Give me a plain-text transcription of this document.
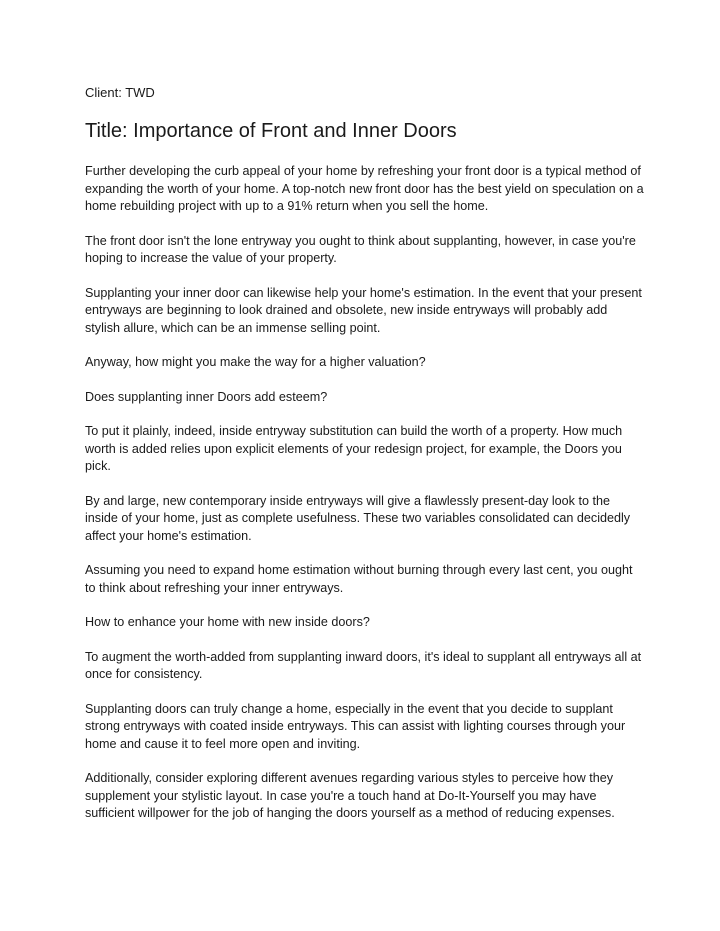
Client: TWD

Title: Importance of Front and Inner Doors

Further developing the curb appeal of your home by refreshing your front door is a typical method of expanding the worth of your home. A top-notch new front door has the best yield on speculation on a home rebuilding project with up to a 91% return when you sell the home.

The front door isn't the lone entryway you ought to think about supplanting, however, in case you're hoping to increase the value of your property.

Supplanting your inner door can likewise help your home's estimation. In the event that your present entryways are beginning to look drained and obsolete, new inside entryways will probably add stylish allure, which can be an immense selling point.

Anyway, how might you make the way for a higher valuation?

Does supplanting inner Doors add esteem?

To put it plainly, indeed, inside entryway substitution can build the worth of a property. How much worth is added relies upon explicit elements of your redesign project, for example, the Doors you pick.

By and large, new contemporary inside entryways will give a flawlessly present-day look to the inside of your home, just as complete usefulness. These two variables consolidated can decidedly affect your home's estimation.

Assuming you need to expand home estimation without burning through every last cent, you ought to think about refreshing your inner entryways.

How to enhance your home with new inside doors?

To augment the worth-added from supplanting inward doors, it's ideal to supplant all entryways all at once for consistency.

Supplanting doors can truly change a home, especially in the event that you decide to supplant strong entryways with coated inside entryways. This can assist with lighting courses through your home and cause it to feel more open and inviting.

Additionally, consider exploring different avenues regarding various styles to perceive how they supplement your stylistic layout. In case you're a touch hand at Do-It-Yourself you may have sufficient willpower for the job of hanging the doors yourself as a method of reducing expenses.
